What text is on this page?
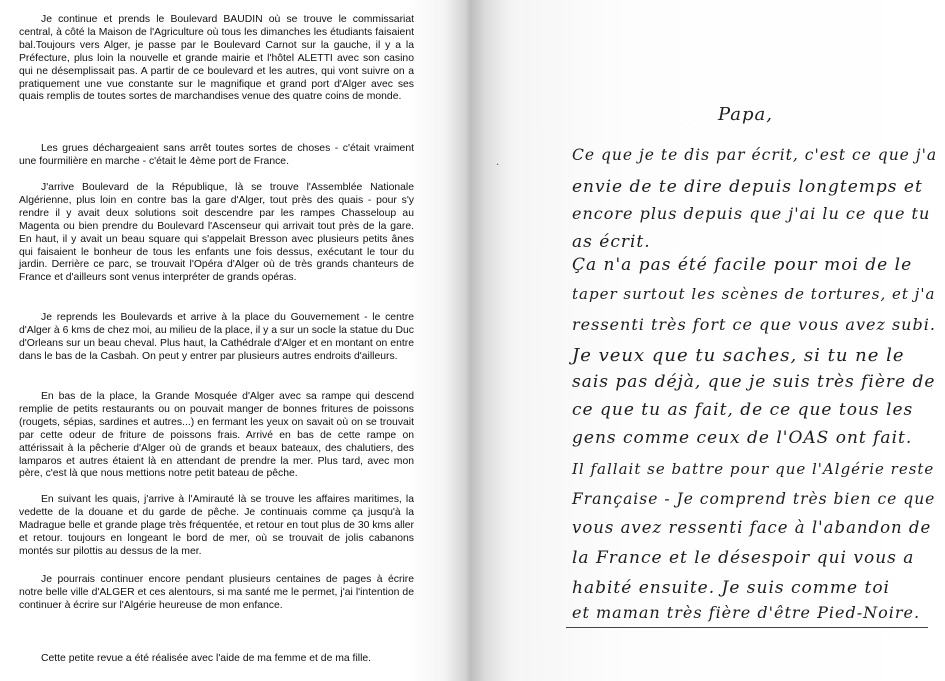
Je continue et prends le Boulevard BAUDIN où se trouve le commissariat central, à côté la Maison de l'Agriculture où tous les dimanches les étudiants faisaient bal.Toujours vers Alger, je passe par le Boulevard Carnot sur la gauche, il y a la Préfecture, plus loin la nouvelle et grande mairie et l'hôtel ALETTI avec son casino qui ne désemplissait pas. A partir de ce boulevard et les autres, qui vont suivre on a pratiquement une vue constante sur le magnifique et grand port d'Alger avec ses quais remplis de toutes sortes de marchandises venue des quatre coins de monde.

Les grues déchargeaient sans arrêt toutes sortes de choses - c'était vraiment une fourmilière en marche - c'était le 4ème port de France.

J'arrive Boulevard de la République, là se trouve l'Assemblée Nationale Algérienne, plus loin en contre bas la gare d'Alger, tout près des quais - pour s'y rendre il y avait deux solutions soit descendre par les rampes Chasseloup au Magenta ou bien prendre du Boulevard l'Ascenseur qui arrivait tout près de la gare. En haut, il y avait un beau square qui s'appelait Bresson avec plusieurs petits ânes qui faisaient le bonheur de tous les enfants une fois dessus, exécutant le tour du jardin. Derrière ce parc, se trouvait l'Opéra d'Alger où de très grands chanteurs de France et d'ailleurs sont venus interpréter de grands opéras.

Je reprends les Boulevards et arrive à la place du Gouvernement - le centre d'Alger à 6 kms de chez moi, au milieu de la place, il y a sur un socle la statue du Duc d'Orleans sur un beau cheval. Plus haut, la Cathédrale d'Alger et en montant on entre dans le bas de la Casbah. On peut y entrer par plusieurs autres endroits d'ailleurs.

En bas de la place, la Grande Mosquée d'Alger avec sa rampe qui descend remplie de petits restaurants ou on pouvait manger de bonnes fritures de poissons (rougets, sépias, sardines et autres...) en fermant les yeux on savait où on se trouvait par cette odeur de friture de poissons frais. Arrivé en bas de cette rampe on attérissait à la pêcherie d'Alger où de grands et beaux bateaux, des chalutiers, des lamparos et autres étaient là en attendant de prendre la mer. Plus tard, avec mon père, c'est là que nous mettions notre petit bateau de pêche.

En suivant les quais, j'arrive à l'Amirauté là se trouve les affaires maritimes, la vedette de la douane et du garde de pêche. Je continuais comme ça jusqu'à la Madrague belle et grande plage très fréquentée, et retour en tout plus de 30 kms aller et retour. toujours en longeant le bord de mer, où se trouvait de jolis cabanons montés sur pilottis au dessus de la mer.

Je pourrais continuer encore pendant plusieurs centaines de pages à écrire notre belle ville d'ALGER et ces alentours, si ma santé me le permet, j'ai l'intention de continuer à écrire sur l'Algérie heureuse de mon enfance.

Cette petite revue a été réalisée avec l'aide de ma femme et de ma fille.

·
Papa,
Ce que je te dis par écrit, c'est ce que j'a
envie de te dire depuis longtemps et
encore plus depuis que j'ai lu ce que tu
as écrit.
Ça n'a pas été facile pour moi de le
taper surtout les scènes de tortures, et j'a
ressenti très fort ce que vous avez subi.
Je veux que tu saches, si tu ne le
sais pas déjà, que je suis très fière de
ce que tu as fait, de ce que tous les
gens comme ceux de l'OAS ont fait.
Il fallait se battre pour que l'Algérie reste
Française - Je comprend très bien ce que
vous avez ressenti face à l'abandon de
la France et le désespoir qui vous a
habité ensuite. Je suis comme toi
et maman très fière d'être Pied-Noire.
